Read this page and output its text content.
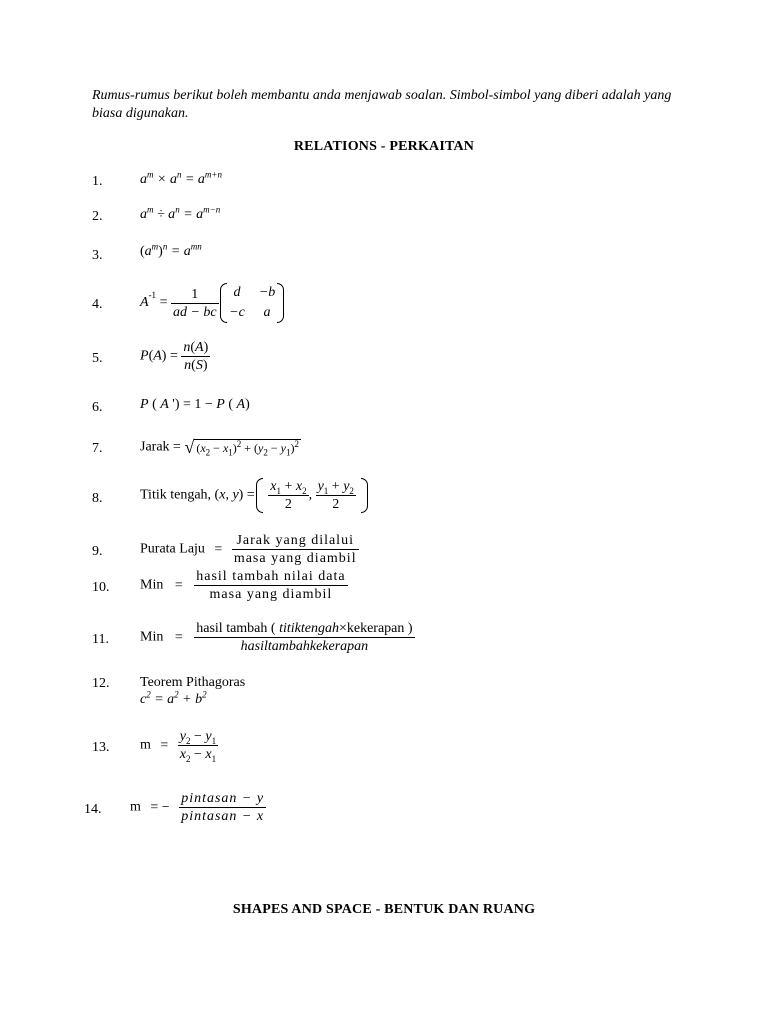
Rumus-rumus berikut boleh membantu anda menjawab soalan. Simbol-simbol yang diberi adalah yang biasa digunakan.
RELATIONS - PERKAITAN
1.	$a^m \times a^n = a^{m+n}$
2.	$a^m \div a^n = a^{m-n}$
3.	$(a^m)^n = a^{mn}$
4.	$A^{-1} = \frac{1}{ad - bc}$
d	−b
−c	a
5.	$P(A) = \frac{n(A)}{n(S)}$
6.	P ( A ') = 1 − P ( A)
7.	Jarak = √ $(x_2 - x_1)^2 + (y_2 - y_1)^2$
8.	Titik tengah, (x, $y) = \frac{x_1 + x_2}{2}$ , $\frac{y_1 + y_2}{2}$
9.	Purata Laju = $\frac{\text{Jarak yang dilalui}}{\text{masa yang diambil}}$
10. Min = $\frac{\text{hasil tambah nilai data}}{\text{masa yang diambil}}$
11. Min = $\frac{\text{hasil tambah ( titiktengah×kekerapan )}}{\text{hasiltambahkekerapan}}$
12. Teorem Pithagoras
$c^2 = a^2 + b^2$
13. $m = \frac{y_2 - y_1}{x_2 - x_1}$
14. m = − $\frac{\text{pintasan − y}}{\text{pintasan − x}}$
SHAPES AND SPACE - BENTUK DAN RUANG
